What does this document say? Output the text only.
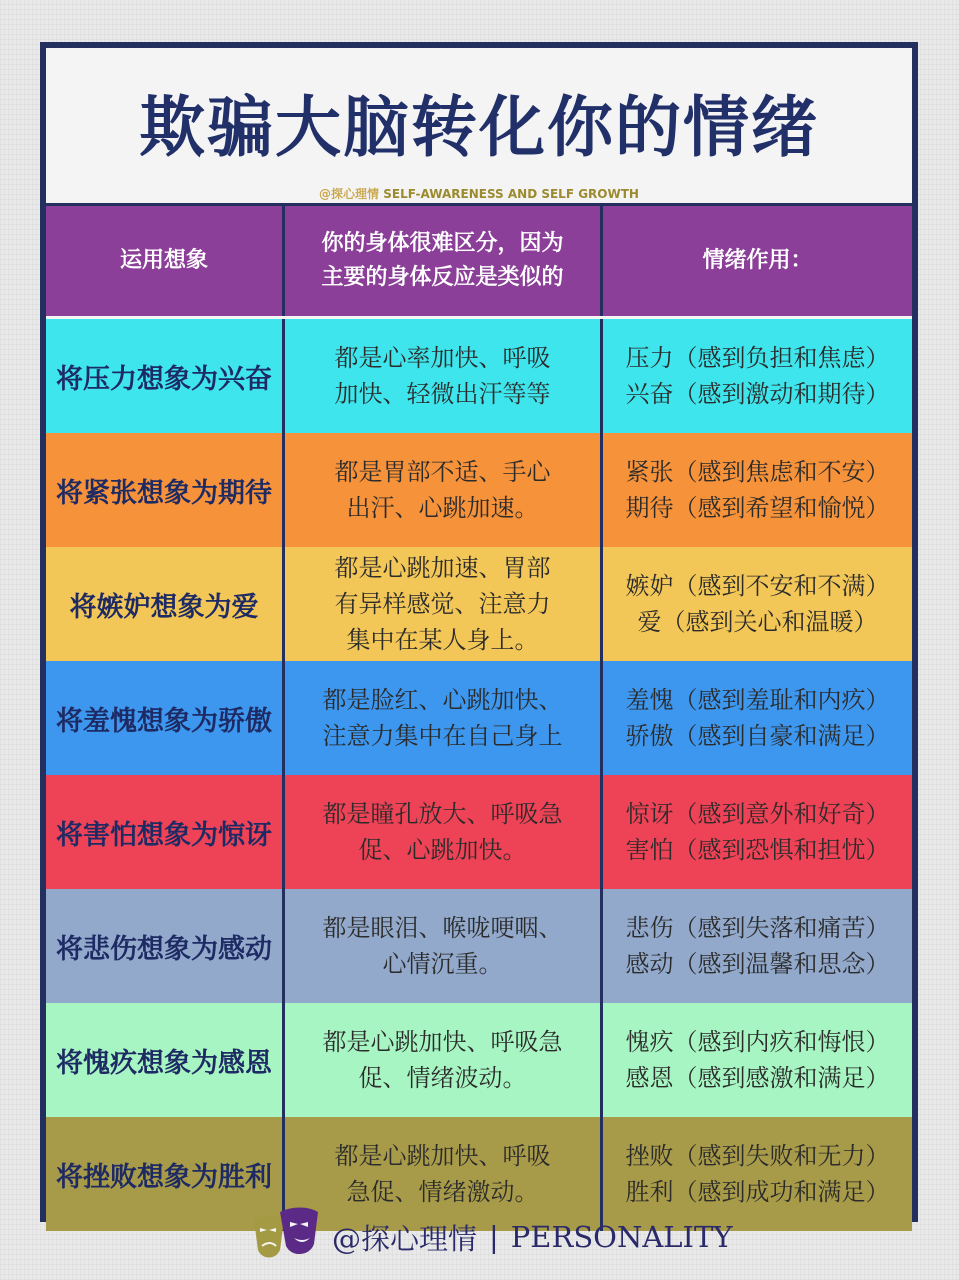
欺骗大脑转化你的情绪
@探心理情 SELF-AWARENESS AND SELF GROWTH
运用想象
你的身体很难区分，因为
主要的身体反应是类似的
情绪作用：
将压力想象为兴奋
都是心率加快、呼吸
加快、轻微出汗等等
压力（感到负担和焦虑）
兴奋（感到激动和期待）
将紧张想象为期待
都是胃部不适、手心
出汗、心跳加速。
紧张（感到焦虑和不安）
期待（感到希望和愉悦）
将嫉妒想象为爱
都是心跳加速、胃部
有异样感觉、注意力
集中在某人身上。
嫉妒（感到不安和不满）
爱（感到关心和温暖）
将羞愧想象为骄傲
都是脸红、心跳加快、
注意力集中在自己身上
羞愧（感到羞耻和内疚）
骄傲（感到自豪和满足）
将害怕想象为惊讶
都是瞳孔放大、呼吸急
促、心跳加快。
惊讶（感到意外和好奇）
害怕（感到恐惧和担忧）
将悲伤想象为感动
都是眼泪、喉咙哽咽、
心情沉重。
悲伤（感到失落和痛苦）
感动（感到温馨和思念）
将愧疚想象为感恩
都是心跳加快、呼吸急
促、情绪波动。
愧疚（感到内疚和悔恨）
感恩（感到感激和满足）
将挫败想象为胜利
都是心跳加快、呼吸
急促、情绪激动。
挫败（感到失败和无力）
胜利（感到成功和满足）
@探心理情 | PERSONALITY
